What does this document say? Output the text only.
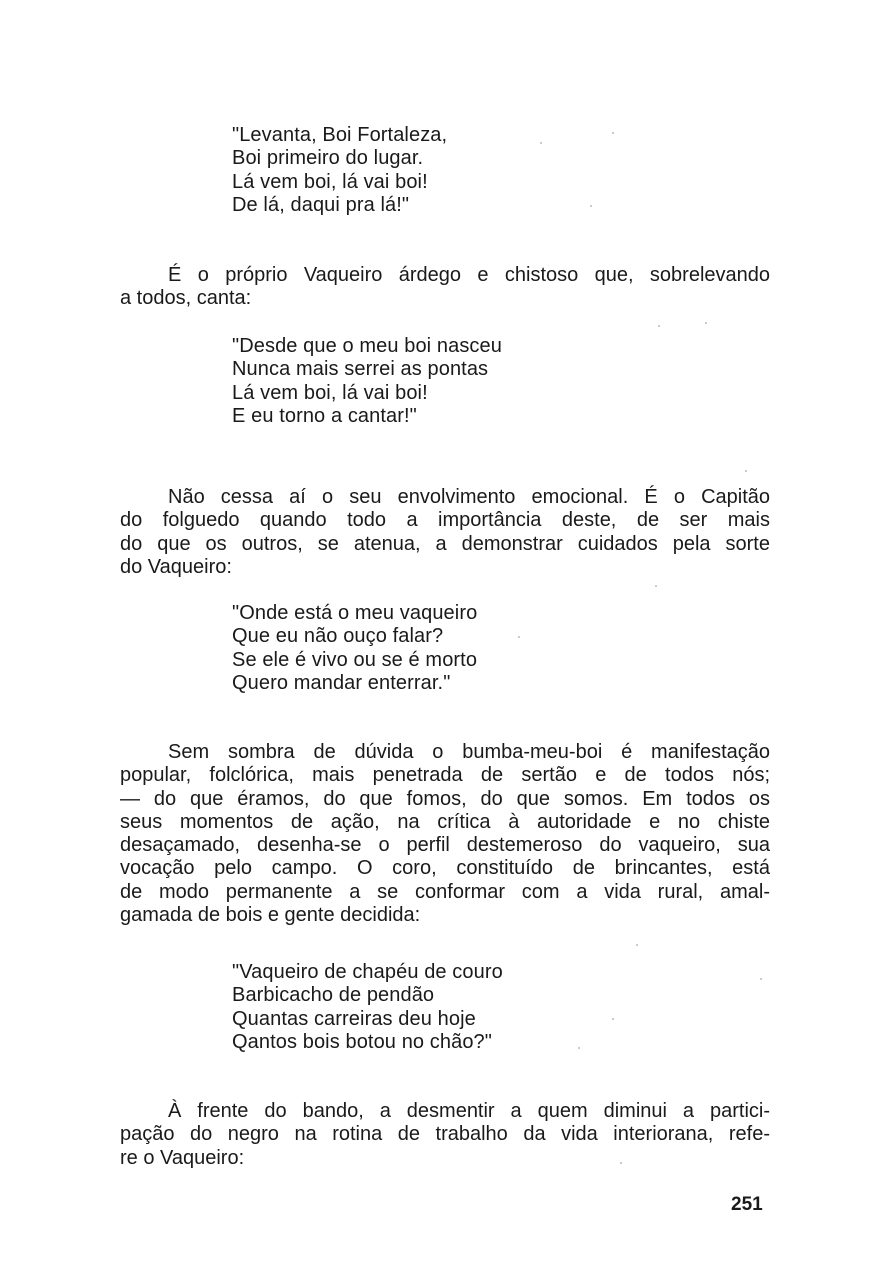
"Levanta, Boi Fortaleza,
Boi primeiro do lugar.
Lá vem boi, lá vai boi!
De lá, daqui pra lá!"
É o próprio Vaqueiro árdego e chistoso que, sobrelevando
a todos, canta:
"Desde que o meu boi nasceu
Nunca mais serrei as pontas
Lá vem boi, lá vai boi!
E eu torno a cantar!"
Não cessa aí o seu envolvimento emocional. É o Capitão
do folguedo quando todo a importância deste, de ser mais
do que os outros, se atenua, a demonstrar cuidados pela sorte
do Vaqueiro:
"Onde está o meu vaqueiro
Que eu não ouço falar?
Se ele é vivo ou se é morto
Quero mandar enterrar."
Sem sombra de dúvida o bumba-meu-boi é manifestação
popular, folclórica, mais penetrada de sertão e de todos nós;
— do que éramos, do que fomos, do que somos. Em todos os
seus momentos de ação, na crítica à autoridade e no chiste
desaçamado, desenha-se o perfil destemeroso do vaqueiro, sua
vocação pelo campo. O coro, constituído de brincantes, está
de modo permanente a se conformar com a vida rural, amal-
gamada de bois e gente decidida:
"Vaqueiro de chapéu de couro
Barbicacho de pendão
Quantas carreiras deu hoje
Qantos bois botou no chão?"
À frente do bando, a desmentir a quem diminui a partici-
pação do negro na rotina de trabalho da vida interiorana, refe-
re o Vaqueiro:
251
